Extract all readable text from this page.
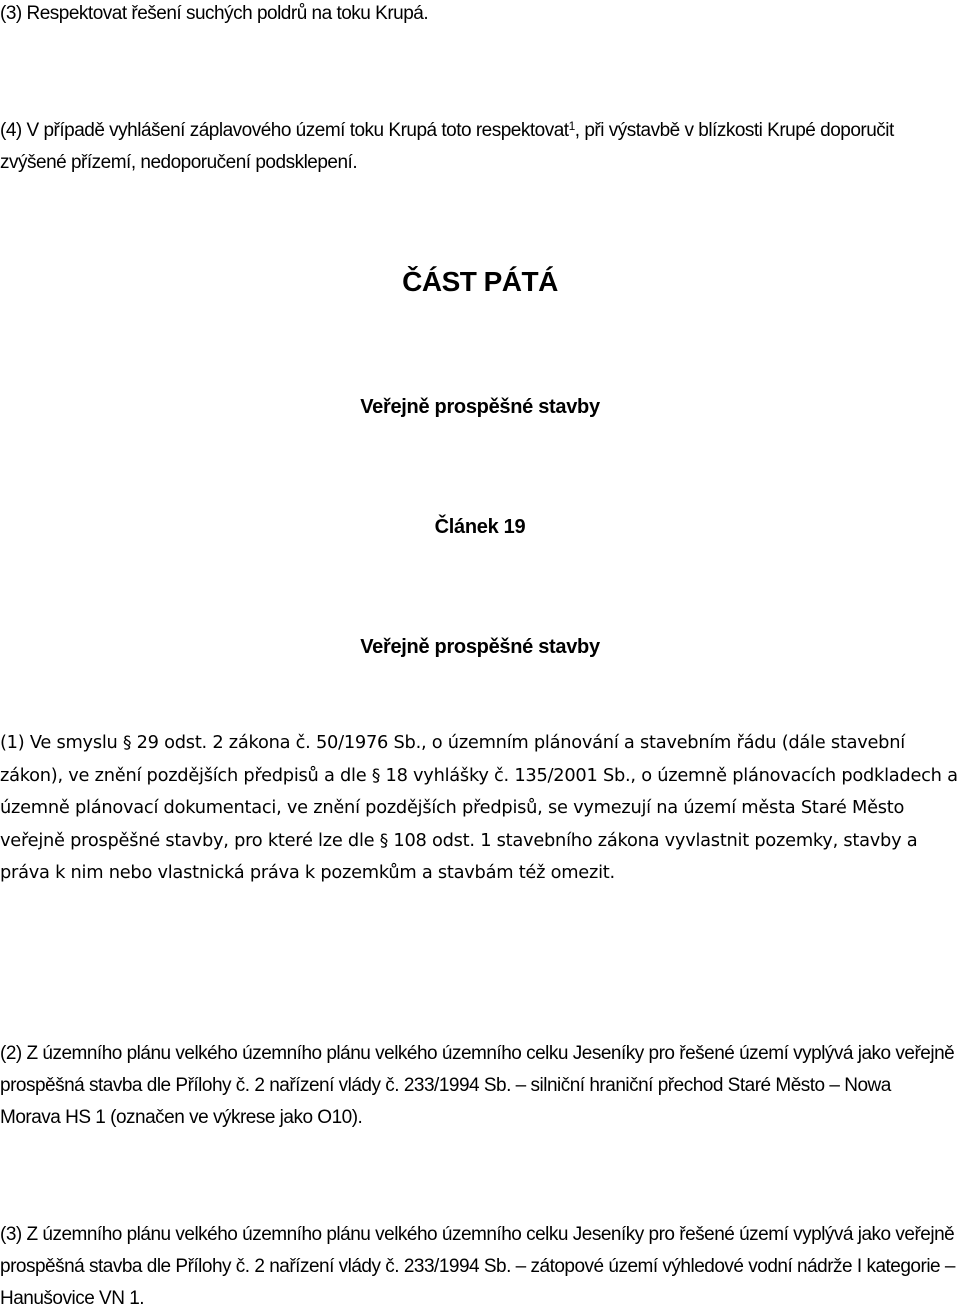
(3) Respektovat řešení suchých poldrů na toku Krupá.

(4) V případě vyhlášení záplavového území toku Krupá toto respektovat$^1$, při výstavbě v blízkosti Krupé doporučit zvýšené přízemí, nedoporučení podsklepení.

ČÁST PÁTÁ
Veřejně prospěšné stavby
Článek 19
Veřejně prospěšné stavby

(1) Ve smyslu § 29 odst. 2 zákona č. 50/1976 Sb., o územním plánování a stavebním řádu (dále stavební zákon), ve znění pozdějších předpisů a dle § 18 vyhlášky č. 135/2001 Sb., o územně plánovacích podkladech a územně plánovací dokumentaci, ve znění pozdějších předpisů, se vymezují na území města Staré Město veřejně prospěšné stavby, pro které lze dle § 108 odst. 1 stavebního zákona vyvlastnit pozemky, stavby a práva k nim nebo vlastnická práva k pozemkům a stavbám též omezit.

(2) Z územního plánu velkého územního plánu velkého územního celku Jeseníky pro řešené území vyplývá jako veřejně prospěšná stavba dle Přílohy č. 2 nařízení vlády č. 233/1994 Sb. – silniční hraniční přechod Staré Město – Nowa Morava HS 1 (označen ve výkrese jako O10).

(3) Z územního plánu velkého územního plánu velkého územního celku Jeseníky pro řešené území vyplývá jako veřejně prospěšná stavba dle Přílohy č. 2 nařízení vlády č. 233/1994 Sb. – zátopové území výhledové vodní nádrže I kategorie – Hanušovice VN 1.
